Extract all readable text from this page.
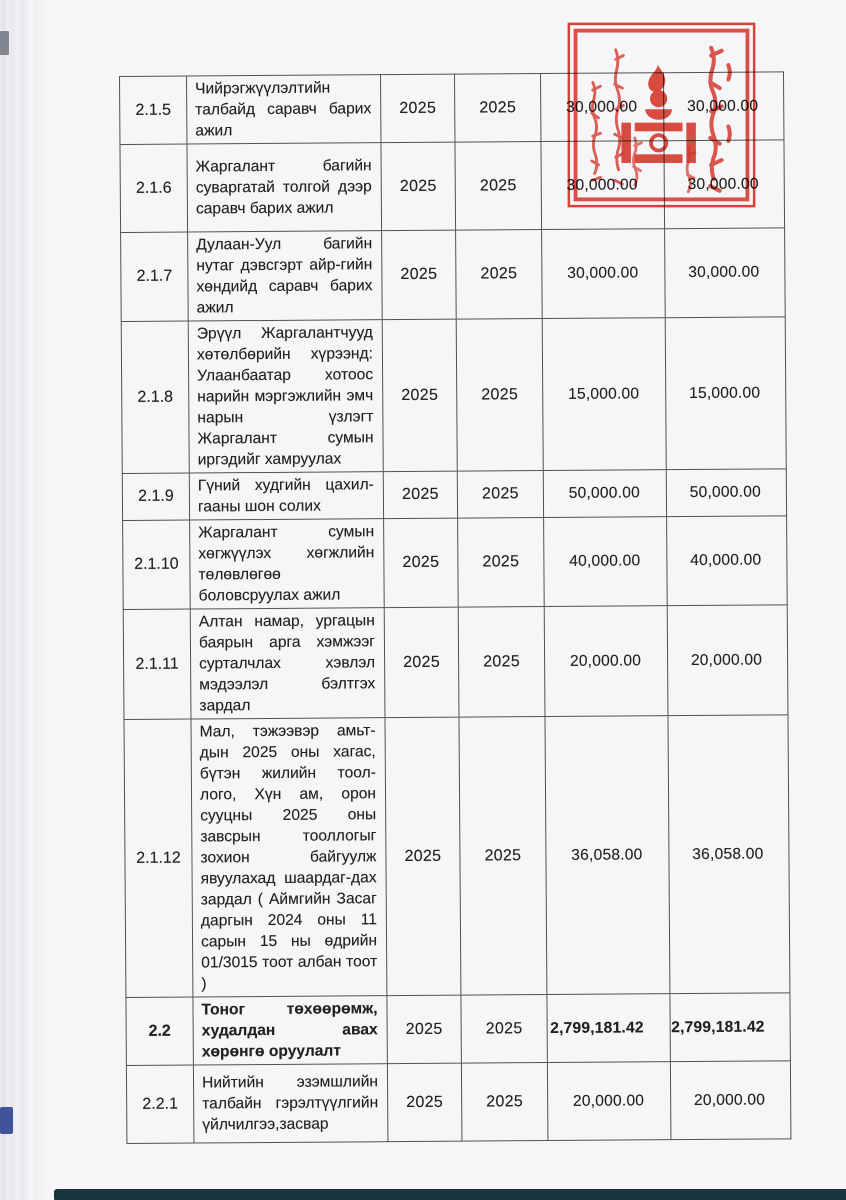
2.1.5	Чийрэгжүүлэлтийн талбайд саравч барих ажил	2025	2025	30,000.00	30,000.00
2.1.6	Жаргалант багийн суваргатай толгой дээр саравч барих ажил	2025	2025	30,000.00	30,000.00
2.1.7	Дулаан-Уул багийн нутаг дэвсгэрт айр-гийн хөндийд саравч барих ажил	2025	2025	30,000.00	30,000.00
2.1.8	Эрүүл Жаргалантчууд хөтөлбөрийн хүрээнд: Улаанбаатар хотоос нарийн мэргэжлийн эмч нарын үзлэгт Жаргалант сумын иргэдийг хамруулах	2025	2025	15,000.00	15,000.00
2.1.9	Гүний худгийн цахил-гааны шон солих	2025	2025	50,000.00	50,000.00
2.1.10	Жаргалант сумын хөгжүүлэх хөгжлийн төлөвлөгөө боловсруулах ажил	2025	2025	40,000.00	40,000.00
2.1.11	Алтан намар, ургацын баярын арга хэмжээг сурталчлах хэвлэл мэдээлэл бэлтгэх зардал	2025	2025	20,000.00	20,000.00
2.1.12	Мал, тэжээвэр амьт-дын 2025 оны хагас, бүтэн жилийн тоол-лого, Хүн ам, орон сууцны 2025 оны завсрын тооллогыг зохион байгуулж явуулахад шаардаг-дах зардал ( Аймгийн Засаг даргын 2024 оны 11 сарын 15 ны өдрийн 01/3015 тоот албан тоот )	2025	2025	36,058.00	36,058.00
2.2	Тоног төхөөрөмж, худалдан авах хөрөнгө оруулалт	2025	2025	2,799,181.42	2,799,181.42
2.2.1	Нийтийн эзэмшлийн талбайн гэрэлтүүлгийн үйлчилгээ,засвар	2025	2025	20,000.00	20,000.00
